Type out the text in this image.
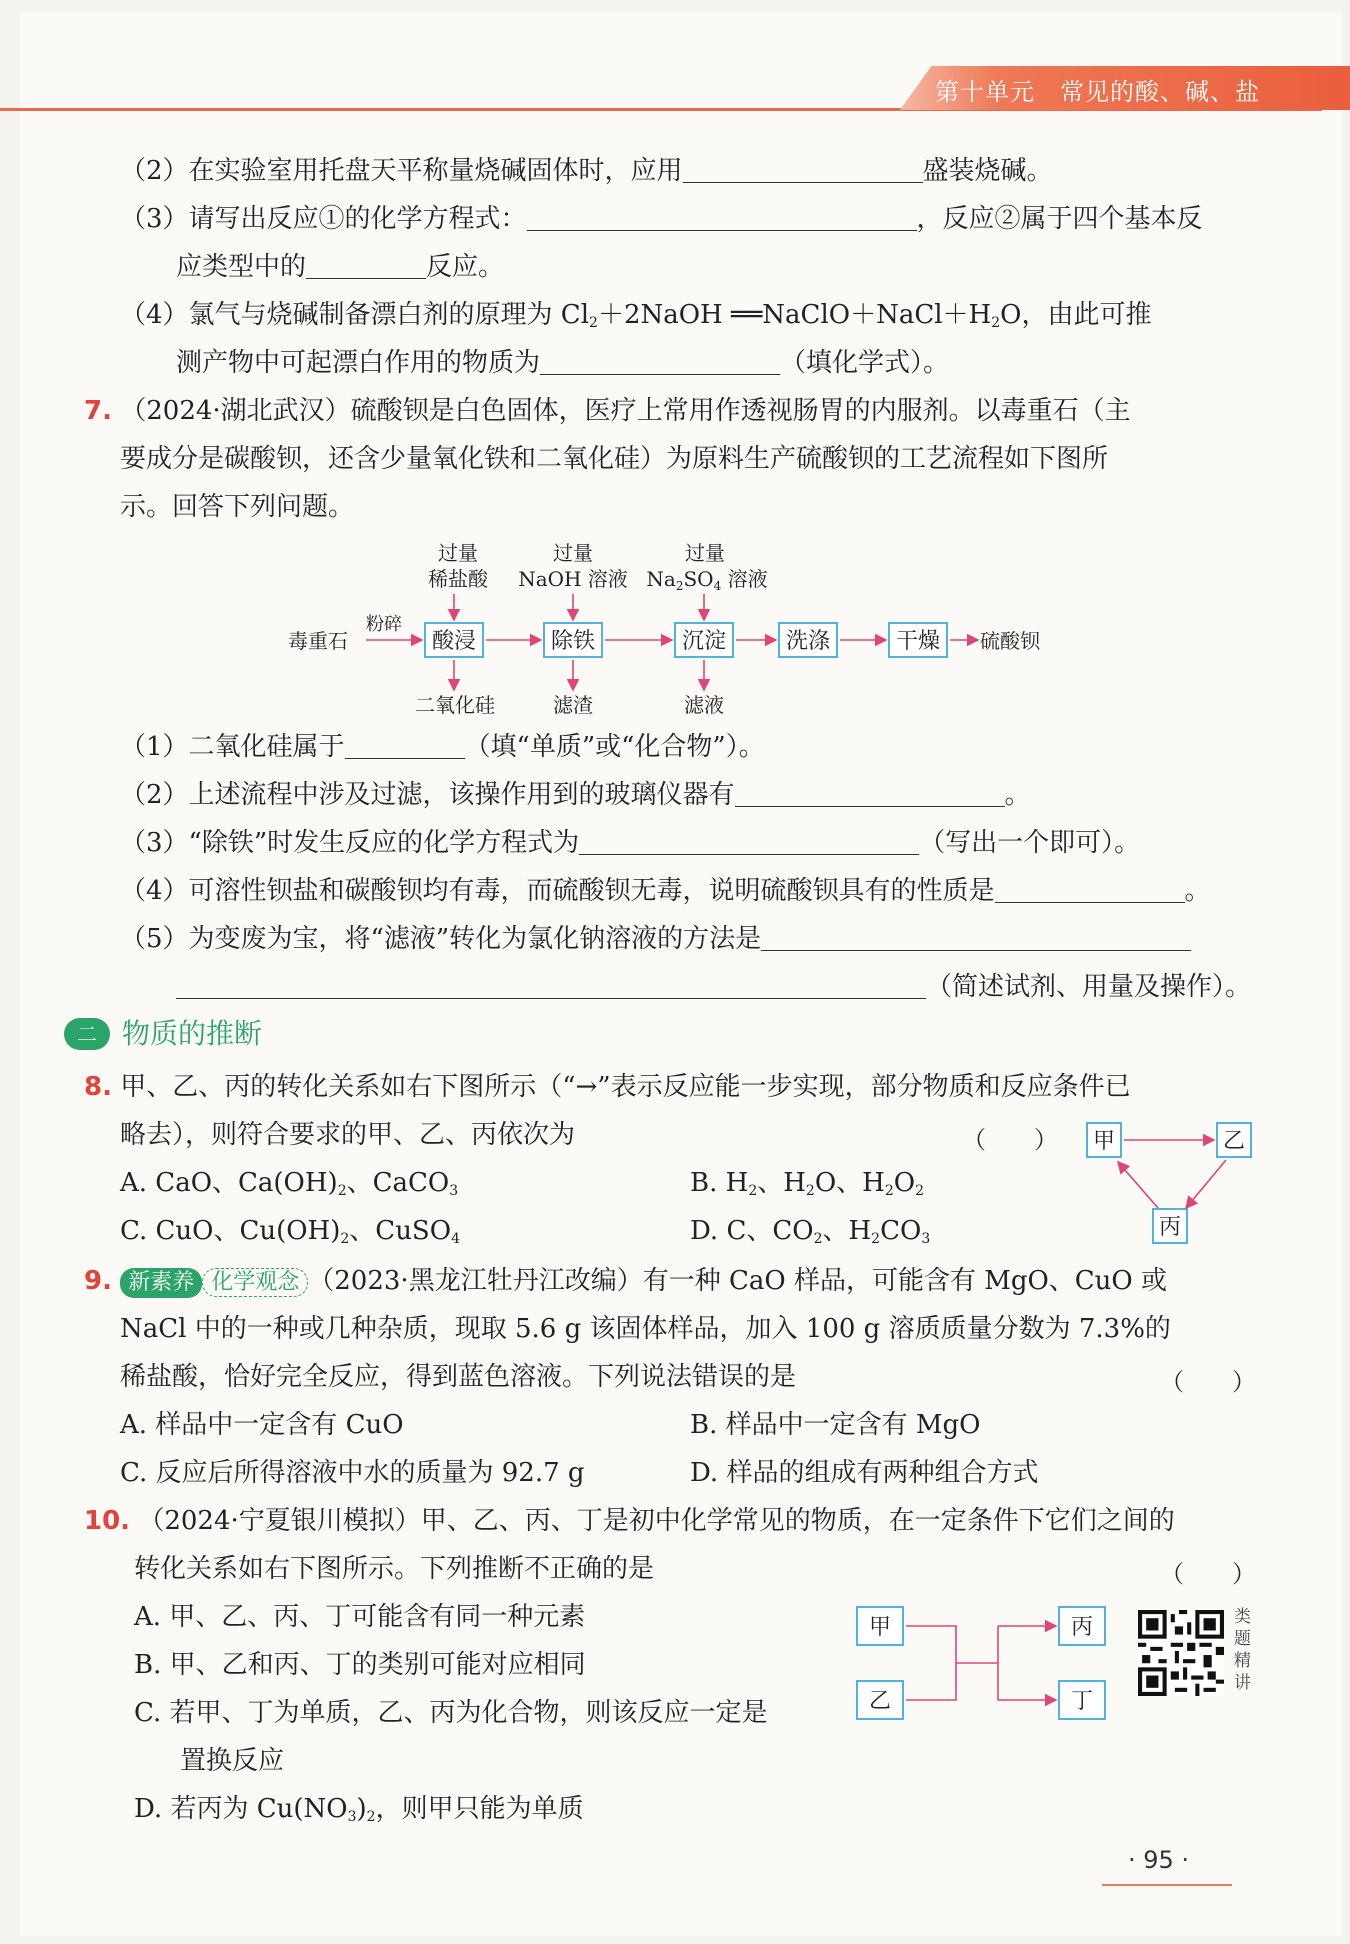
第十单元　常见的酸、碱、盐
（2）在实验室用托盘天平称量烧碱固体时，应用	盛装烧碱。
（3）请写出反应①的化学方程式：	，反应②属于四个基本反
应类型中的	反应。
（4）氯气与烧碱制备漂白剂的原理为 $Cl_2+2NaOH$ $══NaClO+NaCl+H_2O$，由此可推
测产物中可起漂白作用的物质为	（填化学式）。
7. （2024·湖北武汉）硫酸钡是白色固体，医疗上常用作透视肠胃的内服剂。以毒重石（主
要成分是碳酸钡，还含少量氧化铁和二氧化硅）为原料生产硫酸钡的工艺流程如下图所
示。回答下列问题。
过量
稀盐酸
过量
NaOH 溶液
过量
$Na_2SO_4$ 溶液
毒重石
粉碎
酸浸	除铁	沉淀	洗涤	干燥	硫酸钡
二氧化硅	滤渣	滤液
（1）二氧化硅属于	（填“单质”或“化合物”）。
（2）上述流程中涉及过滤，该操作用到的玻璃仪器有	。
（3）“除铁”时发生反应的化学方程式为	（写出一个即可）。
（4）可溶性钡盐和碳酸钡均有毒，而硫酸钡无毒，说明硫酸钡具有的性质是	。
（5）为变废为宝，将“滤液”转化为氯化钠溶液的方法是
（简述试剂、用量及操作）。
二 物质的推断
8. 甲、乙、丙的转化关系如右下图所示（“→”表示反应能一步实现，部分物质和反应条件已
略去），则符合要求的甲、乙、丙依次为	（　　）
A. CaO、$Ca(OH)_2$、CaCO$_3$	B. $H_2$、$H_2O$、$H_2O_2$
C. CuO、$Cu(OH)_2$、CuSO$_4$	D. C、$CO_2$、$H_2CO_3$
甲	乙
丙
9. 新素养 化学观念 （2023·黑龙江牡丹江改编）有一种 CaO 样品，可能含有 MgO、CuO 或
NaCl 中的一种或几种杂质，现取 5.6 g 该固体样品，加入 100 g 溶质质量分数为 7.3%的
稀盐酸，恰好完全反应，得到蓝色溶液。下列说法错误的是	（　　）
A. 样品中一定含有 CuO	B. 样品中一定含有 MgO
C. 反应后所得溶液中水的质量为 92.7 g	D. 样品的组成有两种组合方式
10. （2024·宁夏银川模拟）甲、乙、丙、丁是初中化学常见的物质，在一定条件下它们之间的
转化关系如右下图所示。下列推断不正确的是	（　　）
A. 甲、乙、丙、丁可能含有同一种元素
B. 甲、乙和丙、丁的类别可能对应相同
C. 若甲、丁为单质，乙、丙为化合物，则该反应一定是
置换反应
D. 若丙为 $Cu(NO_3)_2$，则甲只能为单质
甲
乙
丙
丁
类
题
精
讲
· 95 ·
